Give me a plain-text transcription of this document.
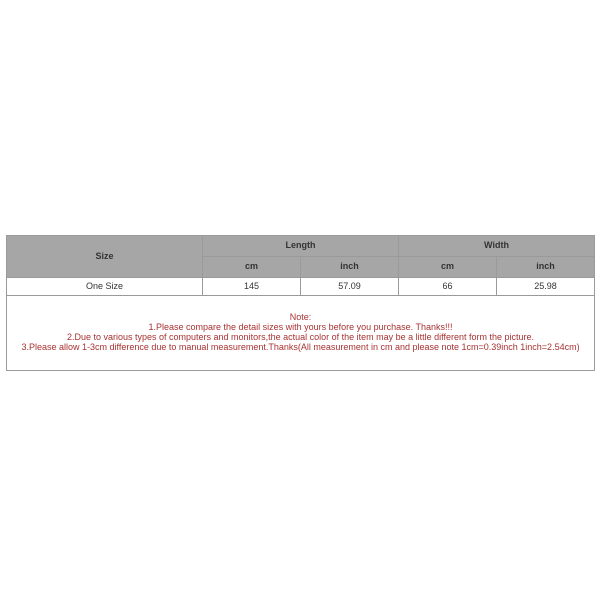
Size	Length		Width	
	cm	inch	cm	inch
One Size	145	57.09	66	25.98

Note:
1.Please compare the detail sizes with yours before you purchase. Thanks!!!
2.Due to various types of computers and monitors,the actual color of the item may be a little different form the picture.
3.Please allow 1-3cm difference due to manual measurement.Thanks(All measurement in cm and please note 1cm=0.39inch 1inch=2.54cm)				
